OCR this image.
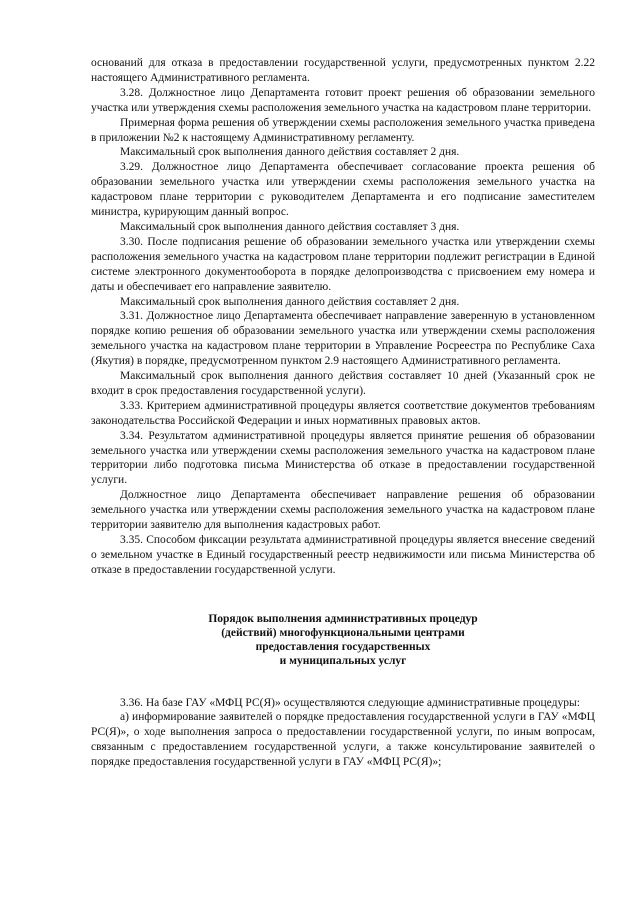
оснований для отказа в предоставлении государственной услуги, предусмотренных пунктом 2.22 настоящего Административного регламента.

3.28. Должностное лицо Департамента готовит проект решения об образовании земельного участка или утверждения схемы расположения земельного участка на кадастровом плане территории.

Примерная форма решения об утверждении схемы расположения земельного участка приведена в приложении №2 к настоящему Административному регламенту.

Максимальный срок выполнения данного действия составляет 2 дня.

3.29. Должностное лицо Департамента обеспечивает согласование проекта решения об образовании земельного участка или утверждении схемы расположения земельного участка на кадастровом плане территории с руководителем Департамента и его подписание заместителем министра, курирующим данный вопрос.

Максимальный срок выполнения данного действия составляет 3 дня.

3.30. После подписания решение об образовании земельного участка или утверждении схемы расположения земельного участка на кадастровом плане территории подлежит регистрации в Единой системе электронного документооборота в порядке делопроизводства с присвоением ему номера и даты и обеспечивает его направление заявителю.

Максимальный срок выполнения данного действия составляет 2 дня.

3.31. Должностное лицо Департамента обеспечивает направление заверенную в установленном порядке копию решения об образовании земельного участка или утверждении схемы расположения земельного участка на кадастровом плане территории в Управление Росреестра по Республике Саха (Якутия) в порядке, предусмотренном пунктом 2.9 настоящего Административного регламента.

Максимальный срок выполнения данного действия составляет 10 дней (Указанный срок не входит в срок предоставления государственной услуги).

3.33. Критерием административной процедуры является соответствие документов требованиям законодательства Российской Федерации и иных нормативных правовых актов.

3.34. Результатом административной процедуры является принятие решения об образовании земельного участка или утверждении схемы расположения земельного участка на кадастровом плане территории либо подготовка письма Министерства об отказе в предоставлении государственной услуги.

Должностное лицо Департамента обеспечивает направление решения об образовании земельного участка или утверждении схемы расположения земельного участка на кадастровом плане территории заявителю для выполнения кадастровых работ.

3.35. Способом фиксации результата административной процедуры является внесение сведений о земельном участке в Единый государственный реестр недвижимости или письма Министерства об отказе в предоставлении государственной услуги.

Порядок выполнения административных процедур
(действий) многофункциональными центрами
предоставления государственных
и муниципальных услуг

3.36. На базе ГАУ «МФЦ РС(Я)» осуществляются следующие административные процедуры:

а) информирование заявителей о порядке предоставления государственной услуги в ГАУ «МФЦ РС(Я)», о ходе выполнения запроса о предоставлении государственной услуги, по иным вопросам, связанным с предоставлением государственной услуги, а также консультирование заявителей о порядке предоставления государственной услуги в ГАУ «МФЦ РС(Я)»;
